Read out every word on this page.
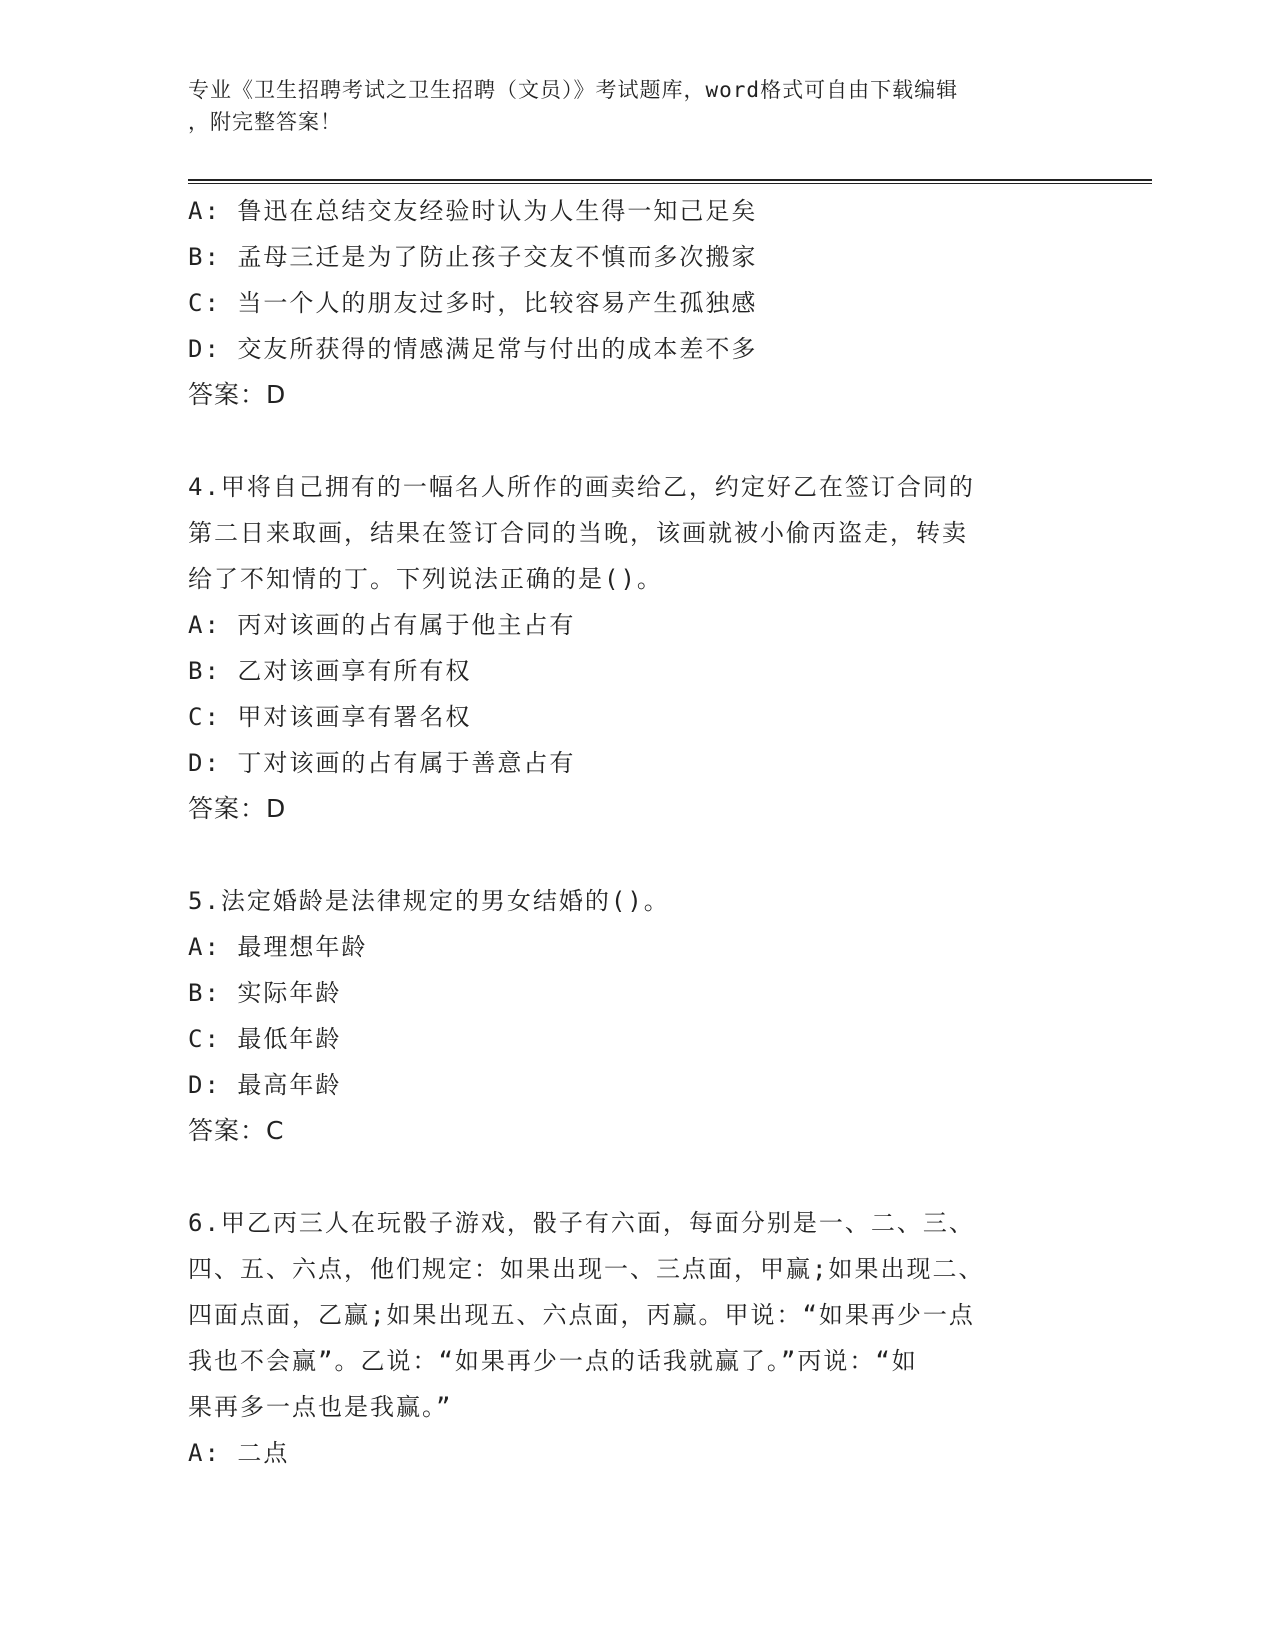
专业《卫生招聘考试之卫生招聘（文员）》考试题库，word格式可自由下载编辑
，附完整答案！
A: 鲁迅在总结交友经验时认为人生得一知己足矣
B: 孟母三迁是为了防止孩子交友不慎而多次搬家
C: 当一个人的朋友过多时，比较容易产生孤独感
D: 交友所获得的情感满足常与付出的成本差不多
答案：D
4.甲将自己拥有的一幅名人所作的画卖给乙，约定好乙在签订合同的
第二日来取画，结果在签订合同的当晚，该画就被小偷丙盗走，转卖
给了不知情的丁。下列说法正确的是()。
A: 丙对该画的占有属于他主占有
B: 乙对该画享有所有权
C: 甲对该画享有署名权
D: 丁对该画的占有属于善意占有
答案：D
5.法定婚龄是法律规定的男女结婚的()。
A: 最理想年龄
B: 实际年龄
C: 最低年龄
D: 最高年龄
答案：C
6.甲乙丙三人在玩骰子游戏，骰子有六面，每面分别是一、二、三、
四、五、六点，他们规定：如果出现一、三点面，甲赢;如果出现二、
四面点面，乙赢;如果出现五、六点面，丙赢。甲说：“如果再少一点
我也不会赢”。乙说：“如果再少一点的话我就赢了。”丙说：“如
果再多一点也是我赢。”
A: 二点
